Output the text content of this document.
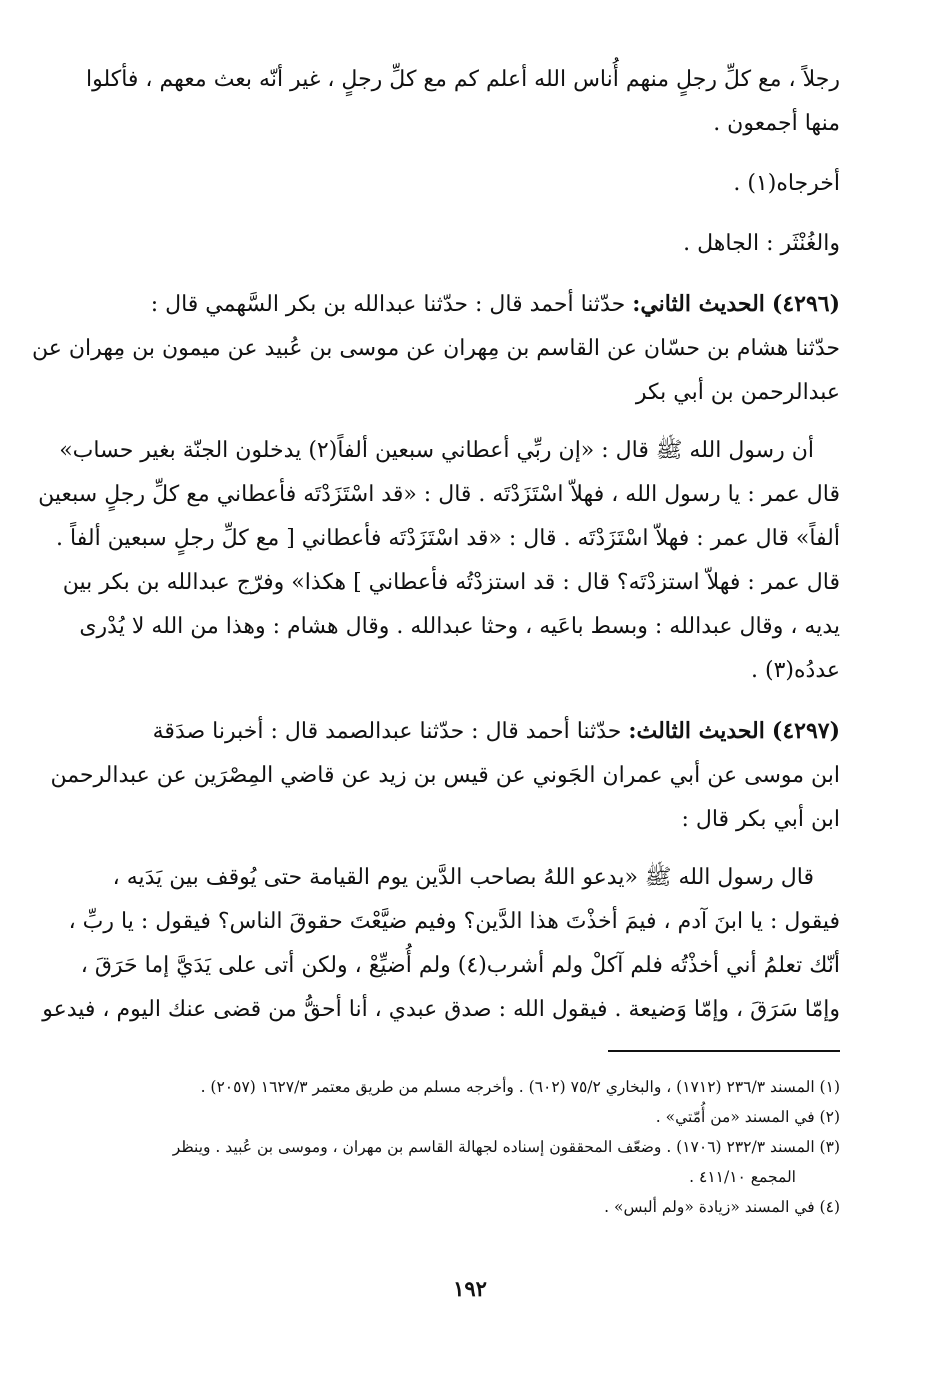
رجلاً ، مع كلِّ رجلٍ منهم أُناس الله أعلم كم مع كلِّ رجلٍ ، غير أنّه بعث معهم ، فأكلوا
منها أجمعون .

أخرجاه(١) .

والغُنْثَر : الجاهل .

(٤٢٩٦) الحديث الثاني: حدّثنا أحمد قال : حدّثنا عبدالله بن بكر السَّهمي قال :
حدّثنا هشام بن حسّان عن القاسم بن مِهران عن موسى بن عُبيد عن ميمون بن مِهران عن
عبدالرحمن بن أبي بكر

أن رسول الله ﷺ قال : «إن ربِّي أعطاني سبعين ألفاً(٢) يدخلون الجنّة بغير حساب»
قال عمر : يا رسول الله ، فهلاّ اسْتَزَدْتَه . قال : «قد اسْتَزَدْتَه فأعطاني مع كلِّ رجلٍ سبعين
ألفاً» قال عمر : فهلاّ اسْتَزَدْتَه . قال : «قد اسْتَزَدْتَه فأعطاني [ مع كلِّ رجلٍ سبعين ألفاً .
قال عمر : فهلاّ استزدْتَه؟ قال : قد استزدْتُه فأعطاني ] هكذا» وفرّج عبدالله بن بكر بين
يديه ، وقال عبدالله : وبسط باعَيه ، وحثا عبدالله . وقال هشام : وهذا من الله لا يُدْرى
عددُه(٣) .

(٤٢٩٧) الحديث الثالث: حدّثنا أحمد قال : حدّثنا عبدالصمد قال : أخبرنا صدَقة
ابن موسى عن أبي عمران الجَوني عن قيس بن زيد عن قاضي المِصْرَين عن عبدالرحمن
ابن أبي بكر قال :

قال رسول الله ﷺ «يدعو اللهُ بصاحب الدَّين يوم القيامة حتى يُوقف بين يَدَيه ،
فيقول : يا ابنَ آدم ، فيمَ أخذْتَ هذا الدَّين؟ وفيم ضيَّعْتَ حقوقَ الناس؟ فيقول : يا ربِّ ،
أنّك تعلمُ أني أخذْتُه فلم آكلْ ولم أشرب(٤) ولم أُضيِّعْ ، ولكن أتى على يَدَيَّ إما حَرَقَ ،
وإمّا سَرَقَ ، وإمّا وَضيعة . فيقول الله : صدق عبدي ، أنا أحقُّ من قضى عنك اليوم ، فيدعو

(١) المسند ٢٣٦/٣ (١٧١٢) ، والبخاري ٧٥/٢ (٦٠٢) . وأخرجه مسلم من طريق معتمر ١٦٢٧/٣ (٢٠٥٧) .

(٢) في المسند «من أُمّتي» .

(٣) المسند ٢٣٢/٣ (١٧٠٦) . وضعّف المحققون إسناده لجهالة القاسم بن مهران ، وموسى بن عُبيد . وينظر

المجمع ٤١١/١٠ .

(٤) في المسند «زيادة «ولم ألبس» .

١٩٢
